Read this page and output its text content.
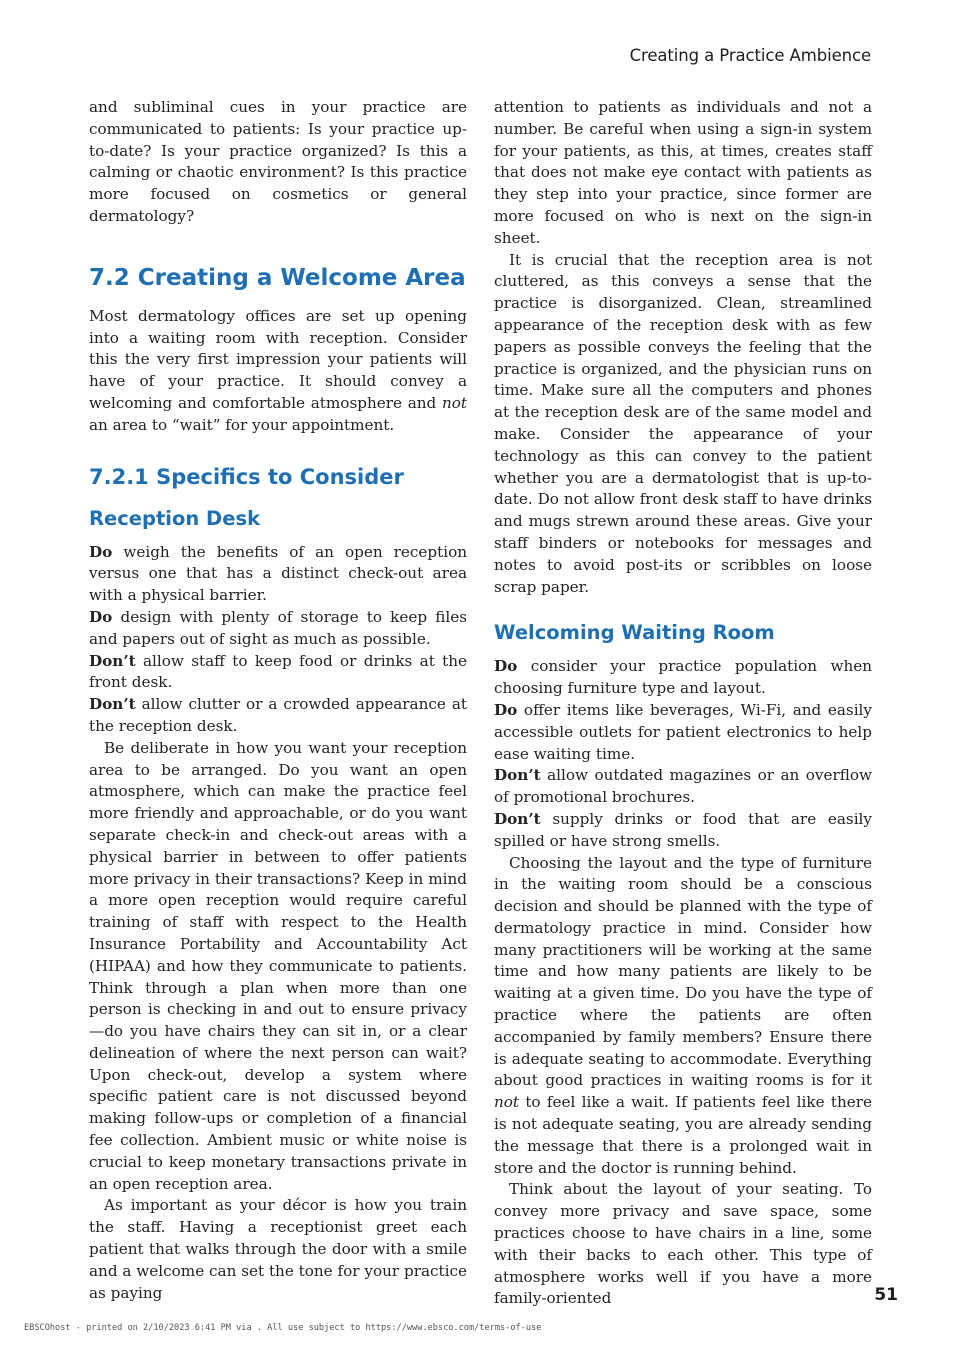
Creating a Practice Ambience

and subliminal cues in your practice are communicated to patients: Is your practice up-to-date? Is your practice organized? Is this a calming or chaotic environment? Is this practice more focused on cosmetics or general dermatology?

7.2 Creating a Welcome Area

Most dermatology offices are set up opening into a waiting room with reception. Consider this the very first impression your patients will have of your practice. It should convey a welcoming and comfortable atmosphere and not an area to “wait” for your appointment.

7.2.1 Specifics to Consider
Reception Desk

Do weigh the benefits of an open reception versus one that has a distinct check-out area with a physical barrier.

Do design with plenty of storage to keep files and papers out of sight as much as possible.

Don’t allow staff to keep food or drinks at the front desk.

Don’t allow clutter or a crowded appearance at the reception desk.

Be deliberate in how you want your reception area to be arranged. Do you want an open atmosphere, which can make the practice feel more friendly and approachable, or do you want separate check-in and check-out areas with a physical barrier in between to offer patients more privacy in their transactions? Keep in mind a more open reception would require careful training of staff with respect to the Health Insurance Portability and Accountability Act (HIPAA) and how they communicate to patients. Think through a plan when more than one person is checking in and out to ensure privacy—do you have chairs they can sit in, or a clear delineation of where the next person can wait? Upon check-out, develop a system where specific patient care is not discussed beyond making follow-ups or completion of a financial fee collection. Ambient music or white noise is crucial to keep monetary transactions private in an open reception area.

As important as your décor is how you train the staff. Having a receptionist greet each patient that walks through the door with a smile and a welcome can set the tone for your practice as paying

attention to patients as individuals and not a number. Be careful when using a sign-in system for your patients, as this, at times, creates staff that does not make eye contact with patients as they step into your practice, since former are more focused on who is next on the sign-in sheet.

It is crucial that the reception area is not cluttered, as this conveys a sense that the practice is disorganized. Clean, streamlined appearance of the reception desk with as few papers as possible conveys the feeling that the practice is organized, and the physician runs on time. Make sure all the computers and phones at the reception desk are of the same model and make. Consider the appearance of your technology as this can convey to the patient whether you are a dermatologist that is up-to-date. Do not allow front desk staff to have drinks and mugs strewn around these areas. Give your staff binders or notebooks for messages and notes to avoid post-its or scribbles on loose scrap paper.

Welcoming Waiting Room

Do consider your practice population when choosing furniture type and layout.

Do offer items like beverages, Wi-Fi, and easily accessible outlets for patient electronics to help ease waiting time.

Don’t allow outdated magazines or an overflow of promotional brochures.

Don’t supply drinks or food that are easily spilled or have strong smells.

Choosing the layout and the type of furniture in the waiting room should be a conscious decision and should be planned with the type of dermatology practice in mind. Consider how many practitioners will be working at the same time and how many patients are likely to be waiting at a given time. Do you have the type of practice where the patients are often accompanied by family members? Ensure there is adequate seating to accommodate. Everything about good practices in waiting rooms is for it not to feel like a wait. If patients feel like there is not adequate seating, you are already sending the message that there is a prolonged wait in store and the doctor is running behind.

Think about the layout of your seating. To convey more privacy and save space, some practices choose to have chairs in a line, some with their backs to each other. This type of atmosphere works well if you have a more family-oriented	51
EBSCOhost - printed on 2/10/2023 6:41 PM via . All use subject to https://www.ebsco.com/terms-of-use
